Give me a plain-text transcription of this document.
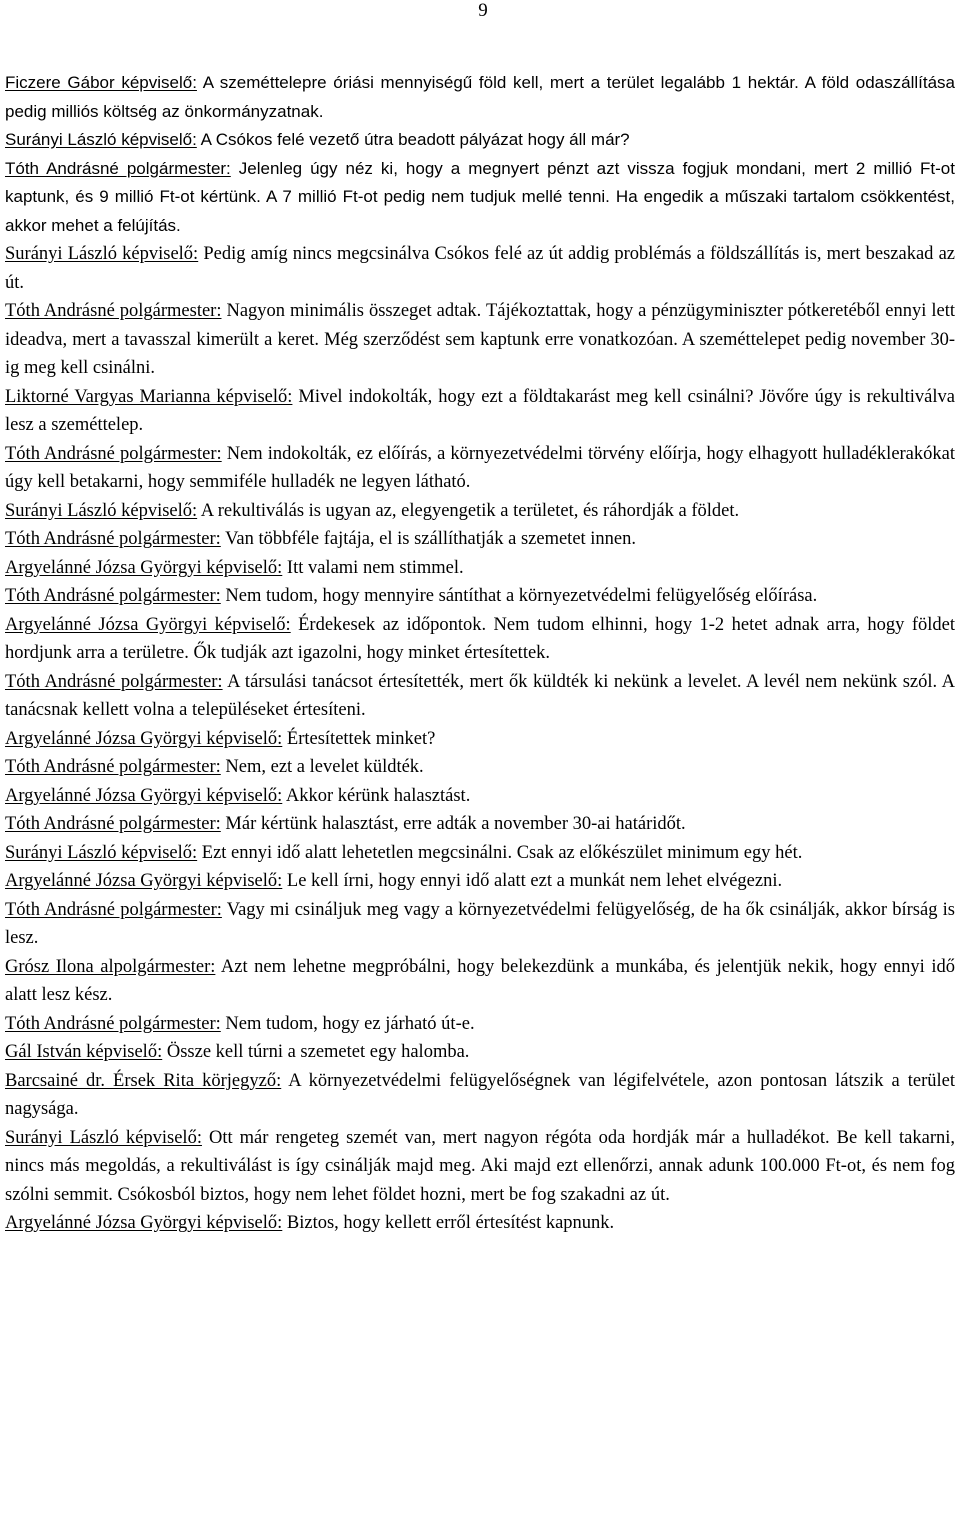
9

Ficzere Gábor képviselő: A szeméttelepre óriási mennyiségű föld kell, mert a terület legalább 1 hektár. A föld odaszállítása pedig milliós költség az önkormányzatnak.

Surányi László képviselő: A Csókos felé vezető útra beadott pályázat hogy áll már?

Tóth Andrásné polgármester: Jelenleg úgy néz ki, hogy a megnyert pénzt azt vissza fogjuk mondani, mert 2 millió Ft-ot kaptunk, és 9 millió Ft-ot kértünk. A 7 millió Ft-ot pedig nem tudjuk mellé tenni. Ha engedik a műszaki tartalom csökkentést, akkor mehet a felújítás.

Surányi László képviselő: Pedig amíg nincs megcsinálva Csókos felé az út addig problémás a földszállítás is, mert beszakad az út.

Tóth Andrásné polgármester: Nagyon minimális összeget adtak. Tájékoztattak, hogy a pénzügyminiszter pótkeretéből ennyi lett ideadva, mert a tavasszal kimerült a keret. Még szerződést sem kaptunk erre vonatkozóan. A szeméttelepet pedig november 30-ig meg kell csinálni.

Liktorné Vargyas Marianna képviselő: Mivel indokolták, hogy ezt a földtakarást meg kell csinálni? Jövőre úgy is rekultiválva lesz a szeméttelep.

Tóth Andrásné polgármester: Nem indokolták, ez előírás, a környezetvédelmi törvény előírja, hogy elhagyott hulladéklerakókat úgy kell betakarni, hogy semmiféle hulladék ne legyen látható.

Surányi László képviselő: A rekultiválás is ugyan az, elegyengetik a területet, és ráhordják a földet.

Tóth Andrásné polgármester: Van többféle fajtája, el is szállíthatják a szemetet innen.

Argyelánné Józsa Györgyi képviselő: Itt valami nem stimmel.

Tóth Andrásné polgármester: Nem tudom, hogy mennyire sántíthat a környezetvédelmi felügyelőség előírása.

Argyelánné Józsa Györgyi képviselő: Érdekesek az időpontok. Nem tudom elhinni, hogy 1-2 hetet adnak arra, hogy földet hordjunk arra a területre. Ők tudják azt igazolni, hogy minket értesítettek.

Tóth Andrásné polgármester: A társulási tanácsot értesítették, mert ők küldték ki nekünk a levelet. A levél nem nekünk szól. A tanácsnak kellett volna a településeket értesíteni.

Argyelánné Józsa Györgyi képviselő: Értesítettek minket?

Tóth Andrásné polgármester: Nem, ezt a levelet küldték.

Argyelánné Józsa Györgyi képviselő: Akkor kérünk halasztást.

Tóth Andrásné polgármester: Már kértünk halasztást, erre adták a november 30-ai határidőt.

Surányi László képviselő: Ezt ennyi idő alatt lehetetlen megcsinálni. Csak az előkészület minimum egy hét.

Argyelánné Józsa Györgyi képviselő: Le kell írni, hogy ennyi idő alatt ezt a munkát nem lehet elvégezni.

Tóth Andrásné polgármester: Vagy mi csináljuk meg vagy a környezetvédelmi felügyelőség, de ha ők csinálják, akkor bírság is lesz.

Grósz Ilona alpolgármester: Azt nem lehetne megpróbálni, hogy belekezdünk a munkába, és jelentjük nekik, hogy ennyi idő alatt lesz kész.

Tóth Andrásné polgármester: Nem tudom, hogy ez járható út-e.

Gál István képviselő: Össze kell túrni a szemetet egy halomba.

Barcsainé dr. Érsek Rita körjegyző: A környezetvédelmi felügyelőségnek van légifelvétele, azon pontosan látszik a terület nagysága.

Surányi László képviselő: Ott már rengeteg szemét van, mert nagyon régóta oda hordják már a hulladékot. Be kell takarni, nincs más megoldás, a rekultiválást is így csinálják majd meg. Aki majd ezt ellenőrzi, annak adunk 100.000 Ft-ot, és nem fog szólni semmit. Csókosból biztos, hogy nem lehet földet hozni, mert be fog szakadni az út.

Argyelánné Józsa Györgyi képviselő: Biztos, hogy kellett erről értesítést kapnunk.
